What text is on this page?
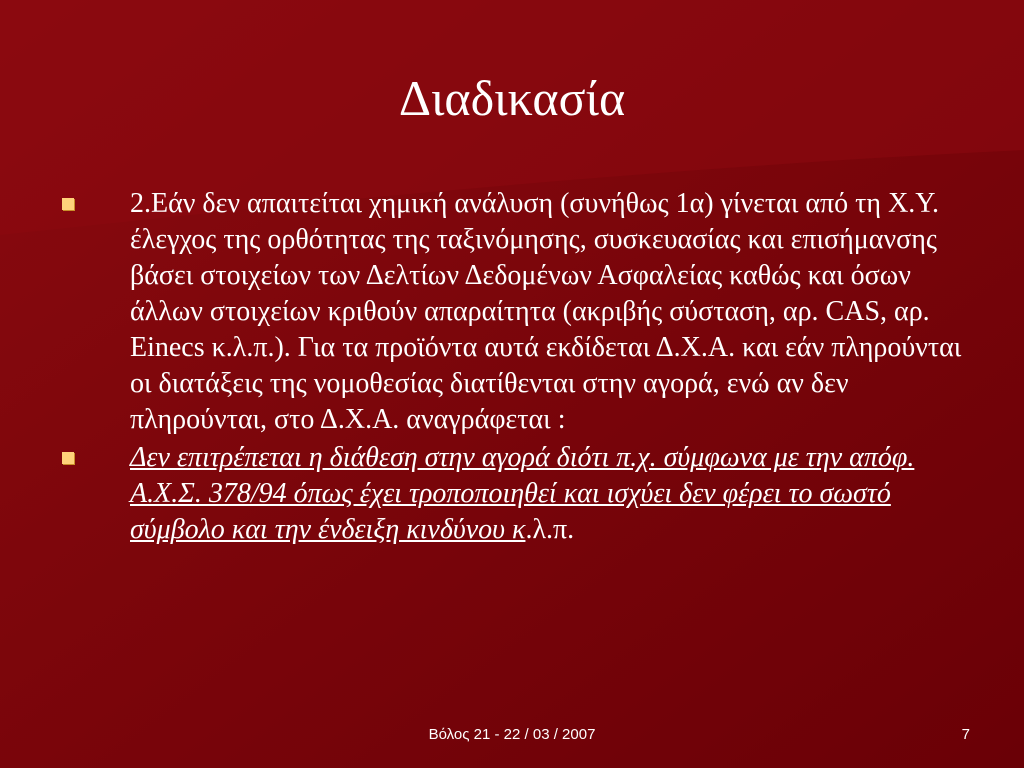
Διαδικασία
2.Εάν δεν απαιτείται χημική ανάλυση (συνήθως 1α) γίνεται από τη Χ.Υ. έλεγχος της ορθότητας της ταξινόμησης, συσκευασίας και επισήμανσης βάσει στοιχείων των Δελτίων Δεδομένων Ασφαλείας καθώς και όσων άλλων στοιχείων κριθούν απαραίτητα (ακριβής σύσταση, αρ. CAS, αρ. Einecs κ.λ.π.). Για τα προϊόντα αυτά εκδίδεται Δ.Χ.Α. και εάν πληρούνται οι διατάξεις της νομοθεσίας διατίθενται στην αγορά, ενώ αν δεν πληρούνται, στο Δ.Χ.Α. αναγράφεται :
Δεν επιτρέπεται η διάθεση στην αγορά διότι π.χ. σύμφωνα με την απόφ. Α.Χ.Σ. 378/94 όπως έχει τροποποιηθεί και ισχύει δεν φέρει το σωστό σύμβολο και την ένδειξη κινδύνου κ.λ.π.
Βόλος 21 - 22 / 03 / 2007	7
